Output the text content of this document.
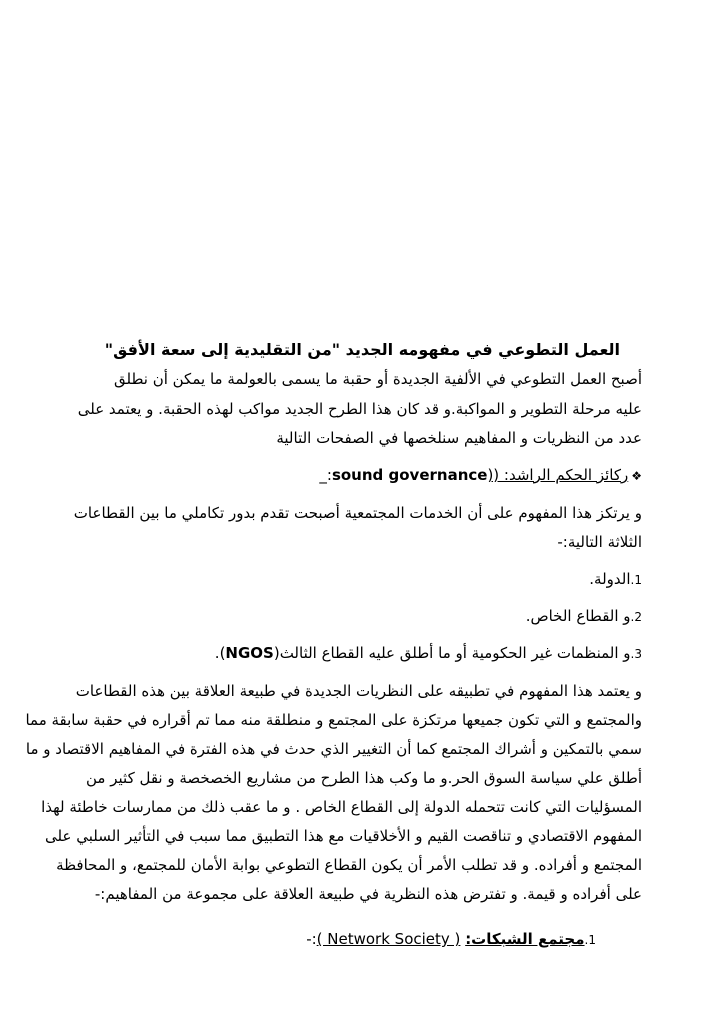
العمل التطوعي في مفهومه الجديد "من التقليدية إلى سعة الأفق"
أصبح العمل التطوعي في الألفية الجديدة أو حقبة ما يسمى بالعولمة ما يمكن أن نطلق
عليه مرحلة التطوير و المواكبة.و قد كان هذا الطرح الجديد مواكب لهذه الحقبة. و يعتمد على
عدد من النظريات و المفاهيم سنلخصها في الصفحات التالية
❖ركائز الحكم الراشد: ((sound governance:_
و يرتكز هذا المفهوم على أن الخدمات المجتمعية أصبحت تقدم بدور تكاملي ما بين القطاعات
الثلاثة التالية:-
1.الدولة.
2.و القطاع الخاص.
3.و المنظمات غير الحكومية أو ما أطلق عليه القطاع الثالث(NGOS).
و يعتمد هذا المفهوم في تطبيقه على النظريات الجديدة في طبيعة العلاقة بين هذه القطاعات
والمجتمع و التي تكون جميعها مرتكزة على المجتمع و منطلقة منه مما تم أقراره في حقبة سابقة مما
سمي بالتمكين و أشراك المجتمع كما أن التغيير الذي حدث في هذه الفترة في المفاهيم الاقتصاد و ما
أطلق علي سياسة السوق الحر.و ما وكب هذا الطرح من مشاريع الخصخصة و نقل كثير من
المسؤليات التي كانت تتحمله الدولة إلى القطاع الخاص . و ما عقب ذلك من ممارسات خاطئة لهذا
المفهوم الاقتصادي و تناقصت القيم و الأخلاقيات مع هذا التطبيق مما سبب في التأثير السلبي على
المجتمع و أفراده. و قد تطلب الأمر أن يكون القطاع التطوعي بوابة الأمان للمجتمع، و المحافظة
على أفراده و قيمة. و تفترض هذه النظرية في طبيعة العلاقة على مجموعة من المفاهيم:-
1.مجتمع الشبكات: ( Network Society ):-
